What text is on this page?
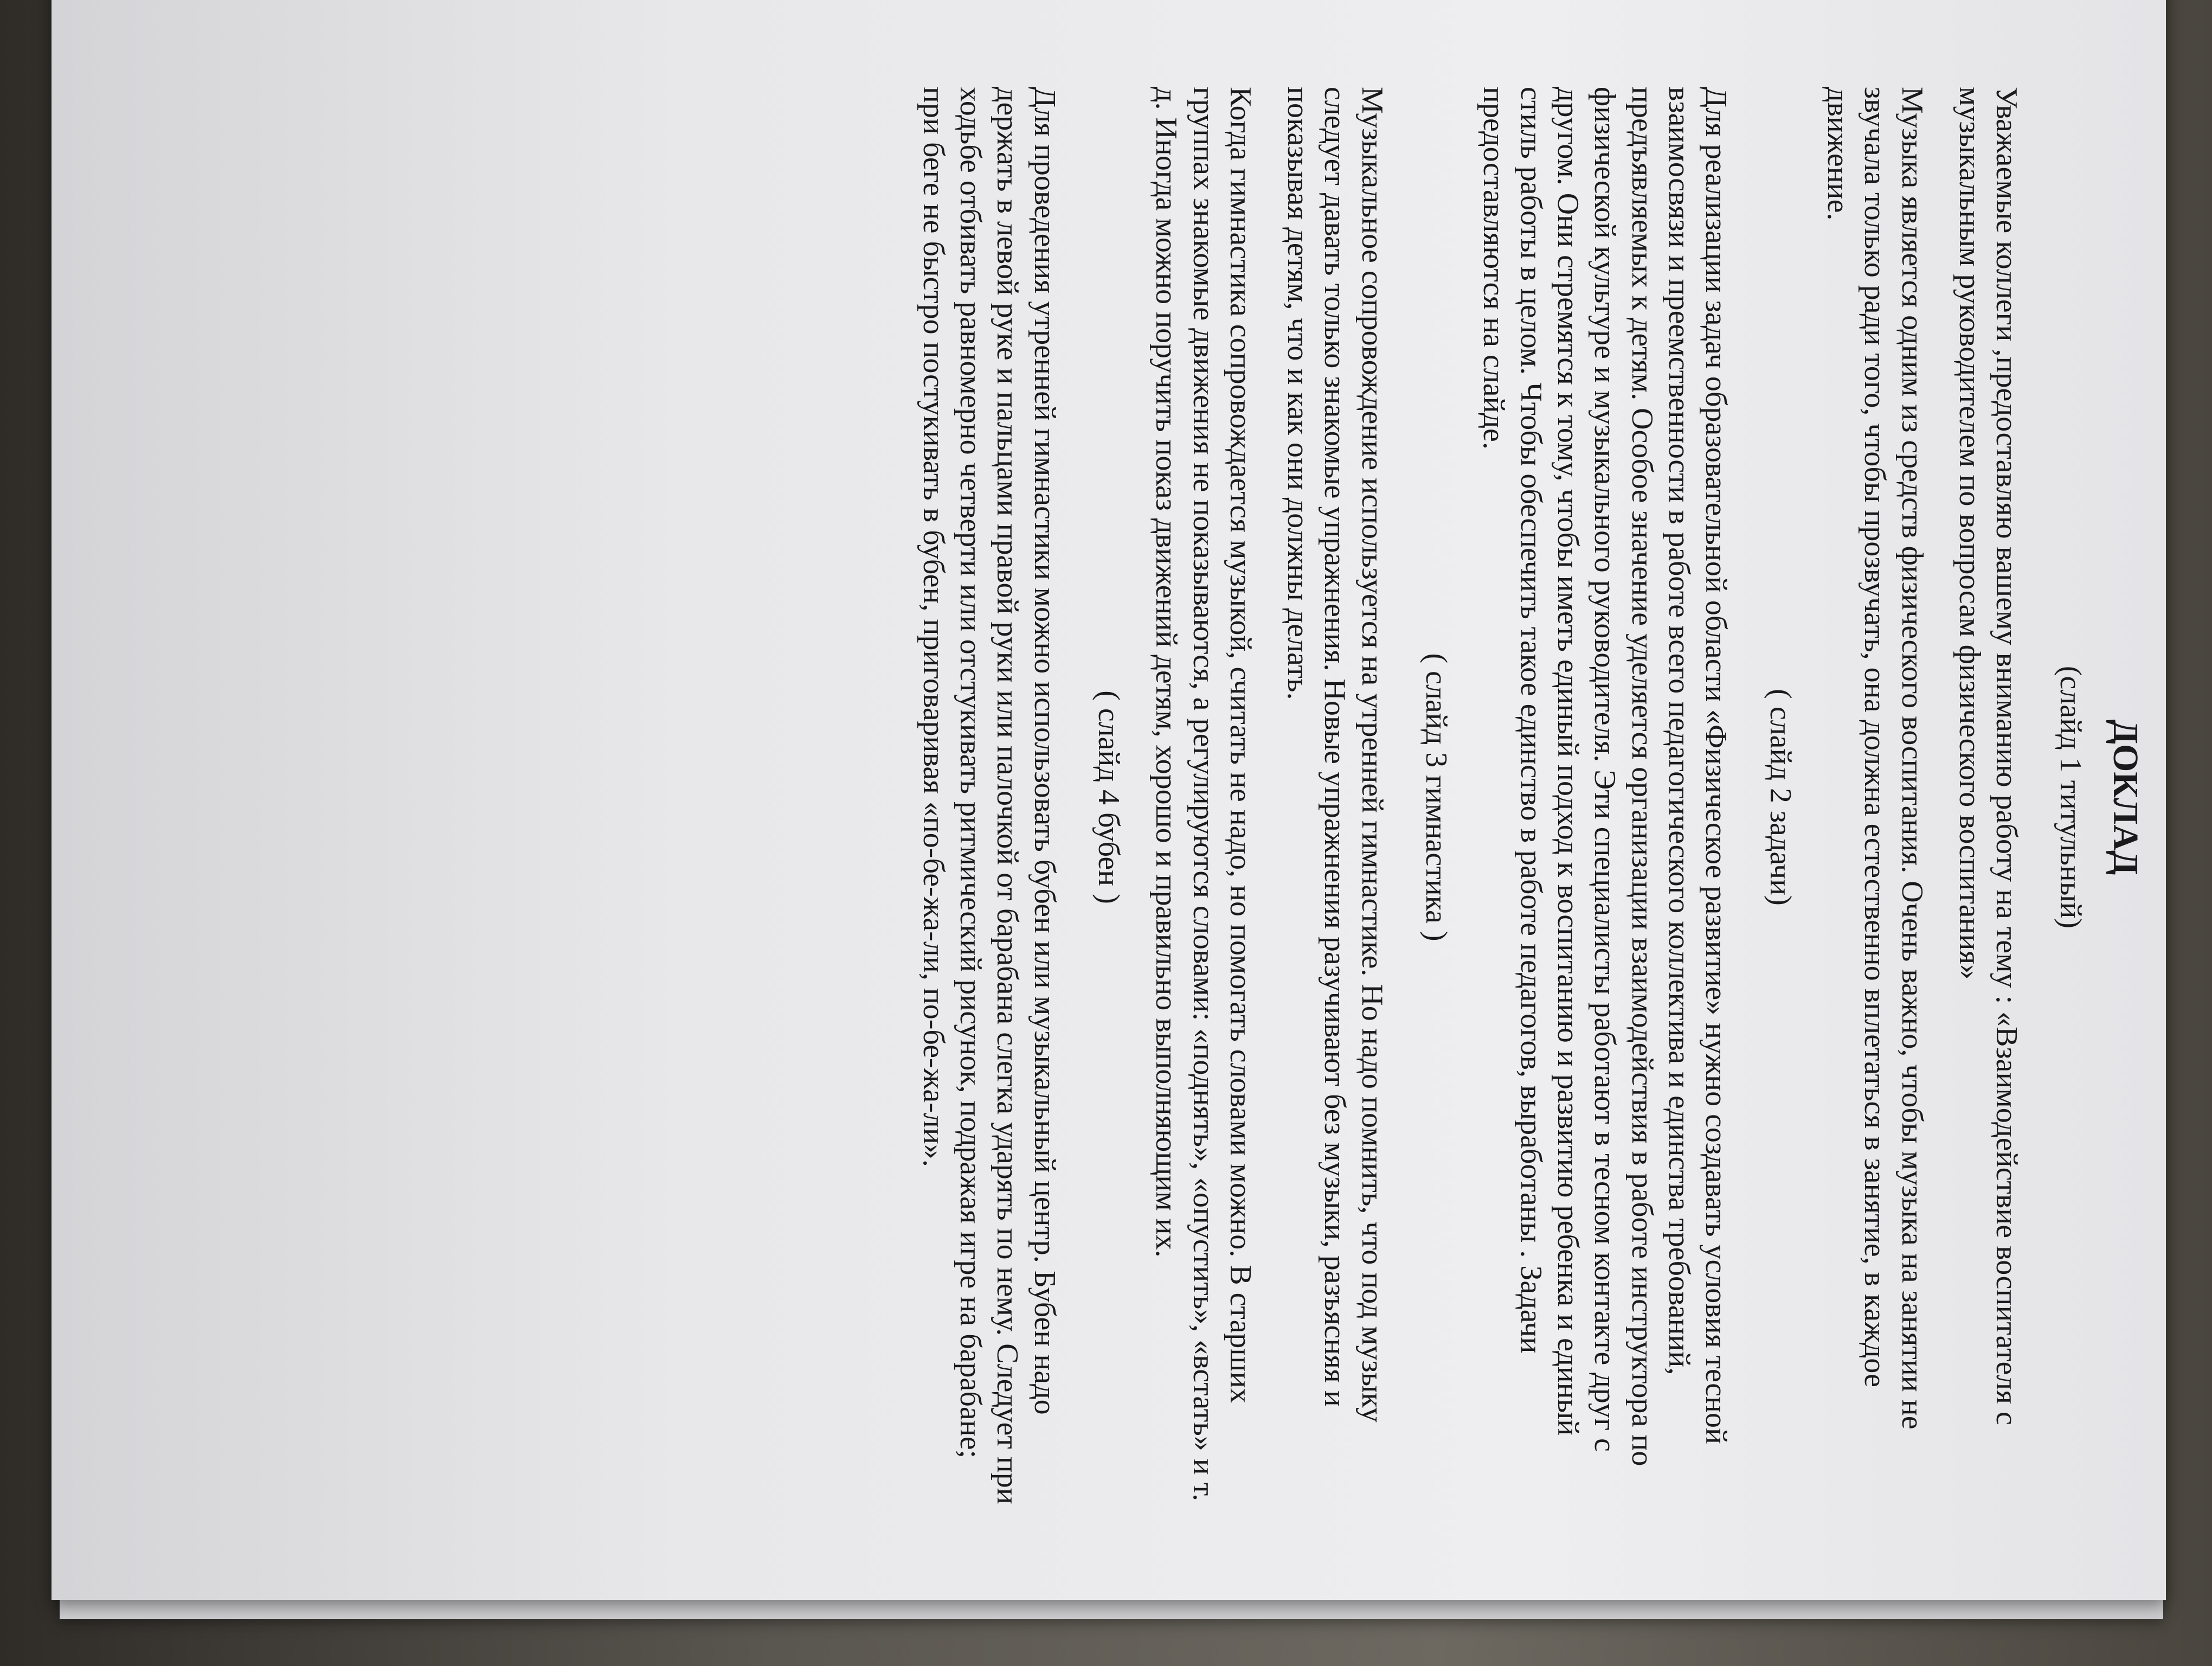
ДОКЛАД
(слайд 1 титульный)

Уважаемые коллеги ,предоставляю вашему вниманию работу на тему : «Взаимодействие воспитателя с музыкальным руководителем по вопросам физического воспитания»

Музыка является одним из средств физического воспитания. Очень важно, чтобы музыка на занятии не звучала только ради того, чтобы прозвучать, она должна естественно вплетаться в занятие, в каждое движение.

( слайд 2 задачи)

Для реализации задач образовательной области «Физическое развитие» нужно создавать условия тесной взаимосвязи и преемственности в работе всего педагогического коллектива и единства требований, предъявляемых к детям. Особое значение уделяется организации взаимодействия в работе инструктора по физической культуре и музыкального руководителя. Эти специалисты работают в тесном контакте друг с другом. Они стремятся к тому, чтобы иметь единый подход к воспитанию и развитию ребенка и единый стиль работы в целом. Чтобы обеспечить такое единство в работе педагогов, выработаны . Задачи предоставляются на слайде.

( слайд 3 гимнастика )

Музыкальное сопровождение используется на утренней гимнастике. Но надо помнить, что под музыку следует давать только знакомые упражнения. Новые упражнения разучивают без музыки, разъясняя и показывая детям, что и как они должны делать.

Когда гимнастика сопровождается музыкой, считать не надо, но помогать словами можно. В старших группах знакомые движения не показываются, а регулируются словами: «поднять», «опустить», «встать» и т. д. Иногда можно поручить показ движений детям, хорошо и правильно выполняющим их.

( слайд 4 бубен )

Для проведения утренней гимнастики можно использовать бубен или музыкальный центр. Бубен надо держать в левой руке и пальцами правой руки или палочкой от барабана слегка ударять по нему. Следует при ходьбе отбивать равномерно четверти или отстукивать ритмический рисунок, подражая игре на барабане; при беге не быстро постукивать в бубен, приговаривая «по-бе-жа-ли, по-бе-жа-ли».
